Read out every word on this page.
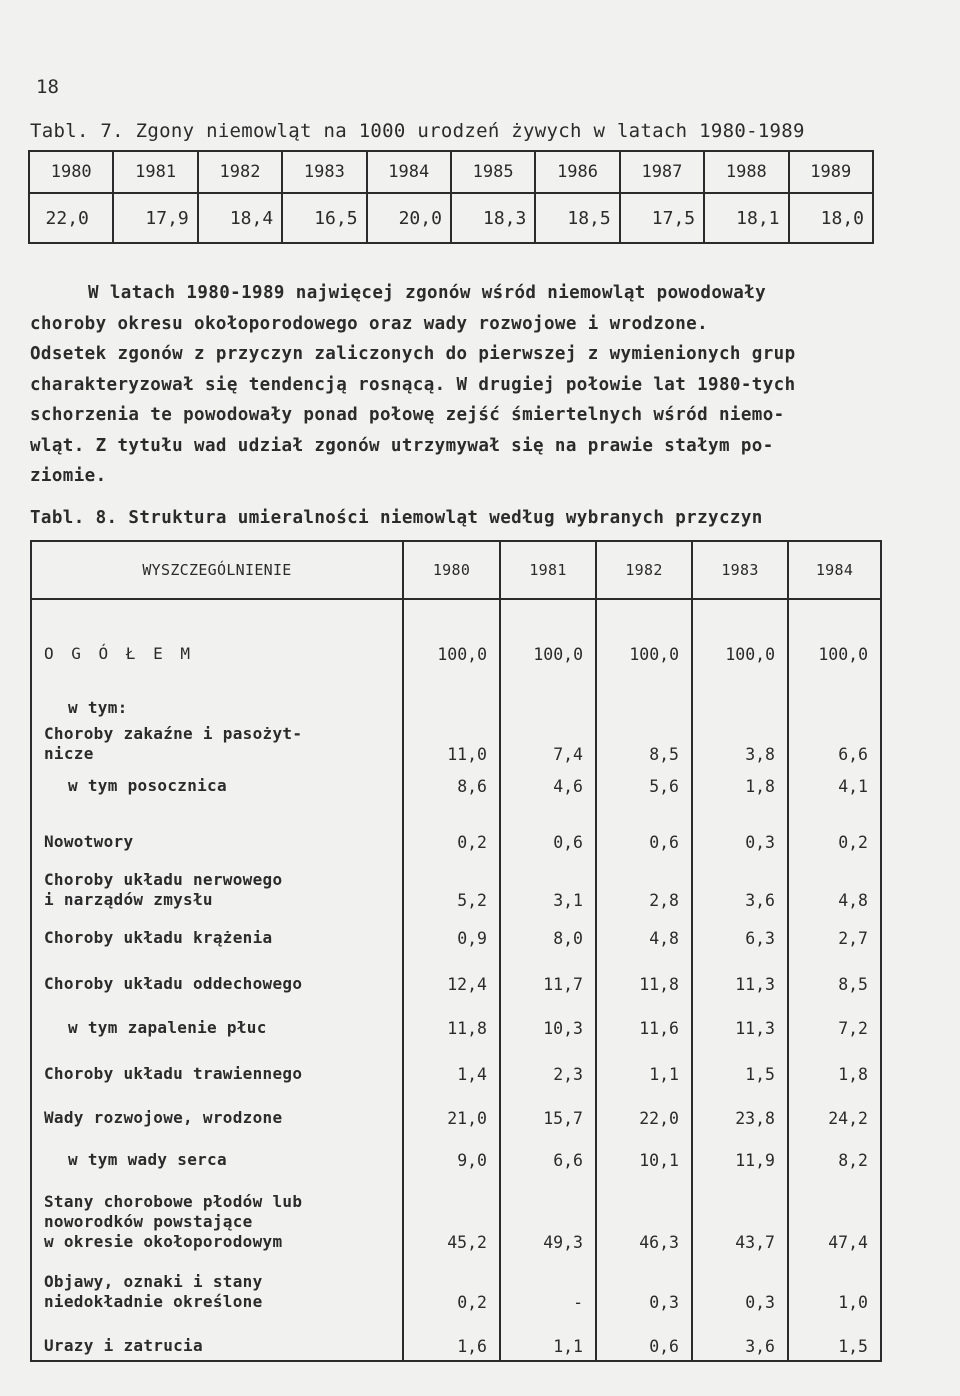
18
Tabl. 7. Zgony niemowląt na 1000 urodzeń żywych w latach 1980-1989
1980	1981	1982	1983	1984	1985	1986	1987	1988	1989
22,0	17,9	18,4	16,5	20,0	18,3	18,5	17,5	18,1	18,0

W latach 1980-1989 najwięcej zgonów wśród niemowląt powodowały

choroby okresu okołoporodowego oraz wady rozwojowe i wrodzone.

Odsetek zgonów z przyczyn zaliczonych do pierwszej z wymienionych grup

charakteryzował się tendencją rosnącą. W drugiej połowie lat 1980-tych

schorzenia te powodowały ponad połowę zejść śmiertelnych wśród niemo-

wląt. Z tytułu wad udział zgonów utrzymywał się na prawie stałym po-

ziomie.

Tabl. 8. Struktura umieralności niemowląt według wybranych przyczyn
WYSZCZEGÓLNIENIE	1980	1981	1982	1983	1984
O G Ó Ł E M	100,0	100,0	100,0	100,0	100,0
w tym:					
Choroby zakaźne i pasożyt-
nicze	11,0	7,4	8,5	3,8	6,6
w tym posocznica	8,6	4,6	5,6	1,8	4,1
Nowotwory	0,2	0,6	0,6	0,3	0,2
Choroby układu nerwowego
i narządów zmysłu	5,2	3,1	2,8	3,6	4,8
Choroby układu krążenia	0,9	8,0	4,8	6,3	2,7
Choroby układu oddechowego	12,4	11,7	11,8	11,3	8,5
w tym zapalenie płuc	11,8	10,3	11,6	11,3	7,2
Choroby układu trawiennego	1,4	2,3	1,1	1,5	1,8
Wady rozwojowe, wrodzone	21,0	15,7	22,0	23,8	24,2
w tym wady serca	9,0	6,6	10,1	11,9	8,2
Stany chorobowe płodów lub
noworodków powstające
w okresie okołoporodowym	45,2	49,3	46,3	43,7	47,4
Objawy, oznaki i stany
niedokładnie określone	0,2	-	0,3	0,3	1,0
Urazy i zatrucia	1,6	1,1	0,6	3,6	1,5
